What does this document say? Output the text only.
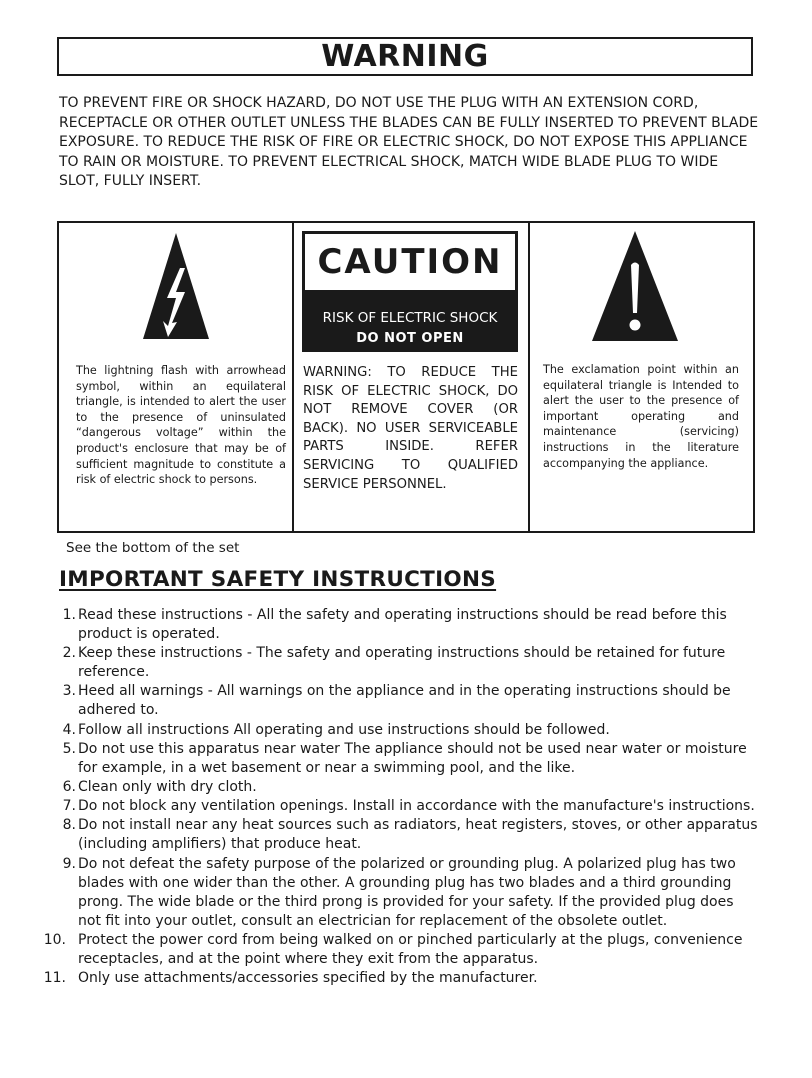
WARNING

TO PREVENT FIRE OR SHOCK HAZARD, DO NOT USE THE PLUG WITH AN EXTENSION CORD, RECEPTACLE OR OTHER OUTLET UNLESS THE BLADES CAN BE FULLY INSERTED TO PREVENT BLADE EXPOSURE. TO REDUCE THE RISK OF FIRE OR ELECTRIC SHOCK, DO NOT EXPOSE THIS APPLIANCE TO RAIN OR MOISTURE. TO PREVENT ELECTRICAL SHOCK, MATCH WIDE BLADE PLUG TO WIDE SLOT, FULLY INSERT.

The lightning flash with arrowhead symbol, within an equilateral triangle, is intended to alert the user to the presence of uninsulated “dangerous voltage” within the product's enclosure that may be of sufficient magnitude to constitute a risk of electric shock to persons.

CAUTION
RISK OF ELECTRIC SHOCK
DO NOT OPEN

WARNING: TO REDUCE THE RISK OF ELECTRIC SHOCK, DO NOT REMOVE COVER (OR BACK). NO USER SERVICEABLE PARTS INSIDE. REFER SERVICING TO QUALIFIED SERVICE PERSONNEL.

The exclamation point within an equilateral triangle is Intended to alert the user to the presence of important operating and maintenance (servicing) instructions in the literature accompanying the appliance.

See the bottom of the set
IMPORTANT SAFETY INSTRUCTIONS
1. Read these instructions - All the safety and operating instructions should be read before this product is operated.
2. Keep these instructions - The safety and operating instructions should be retained for future reference.
3. Heed all warnings - All warnings on the appliance and in the operating instructions should be adhered to.
4. Follow all instructions All operating and use instructions should be followed.
5. Do not use this apparatus near water The appliance should not be used near water or moisture for example, in a wet basement or near a swimming pool, and the like.
6. Clean only with dry cloth.
7. Do not block any ventilation openings. Install in accordance with the manufacture's instructions.
8. Do not install near any heat sources such as radiators, heat registers, stoves, or other apparatus (including amplifiers) that produce heat.
9. Do not defeat the safety purpose of the polarized or grounding plug. A polarized plug has two blades with one wider than the other. A grounding plug has two blades and a third grounding prong. The wide blade or the third prong is provided for your safety. If the provided plug does not fit into your outlet, consult an electrician for replacement of the obsolete outlet.
10. Protect the power cord from being walked on or pinched particularly at the plugs, convenience receptacles, and at the point where they exit from the apparatus.
11. Only use attachments/accessories specified by the manufacturer.
